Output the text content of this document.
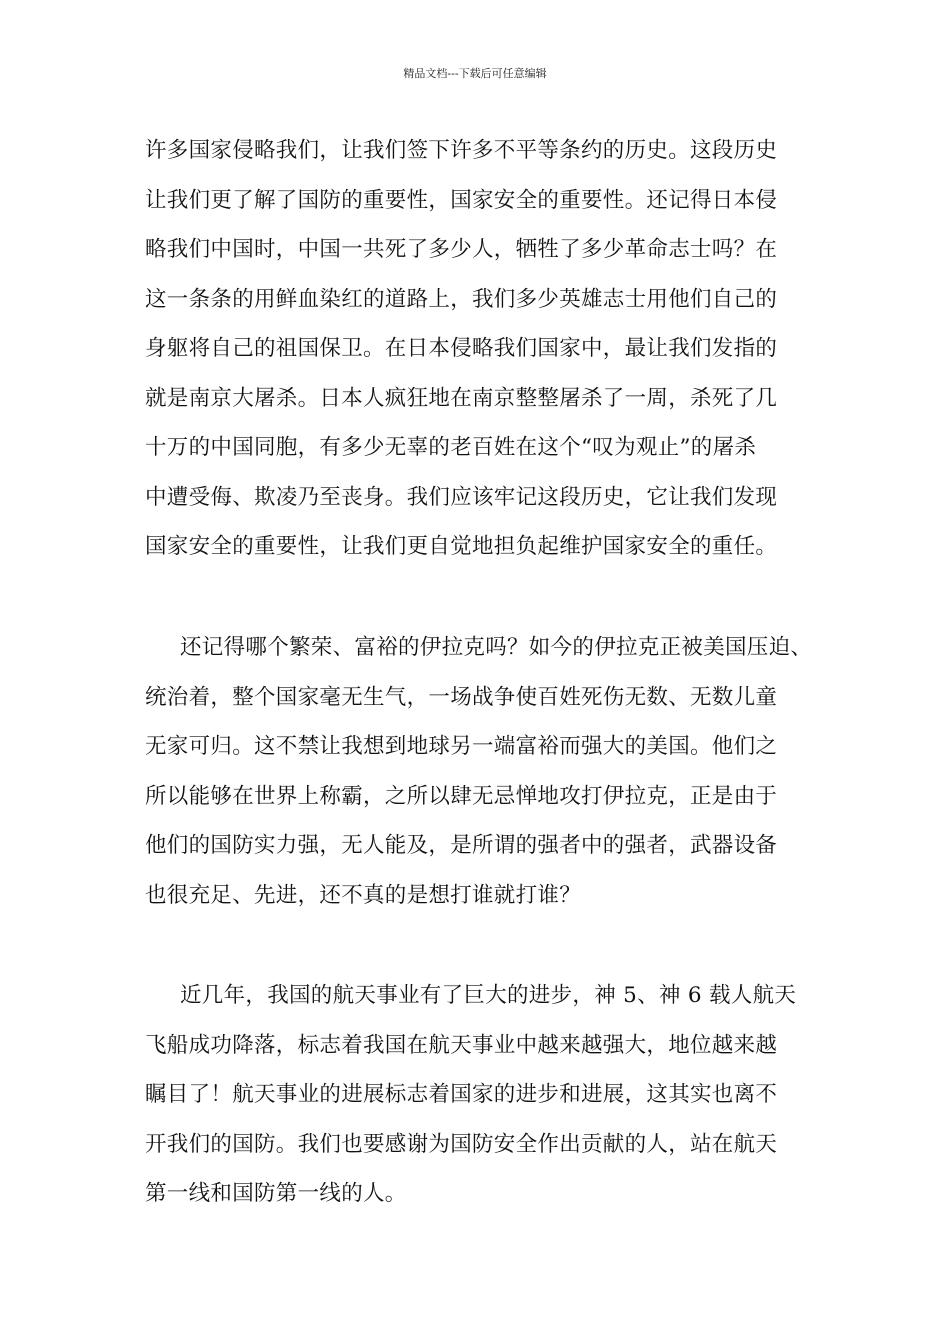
精品文档---下载后可任意编辑
许多国家侵略我们，让我们签下许多不平等条约的历史。这段历史
让我们更了解了国防的重要性，国家安全的重要性。还记得日本侵
略我们中国时，中国一共死了多少人，牺牲了多少革命志士吗？在
这一条条的用鲜血染红的道路上，我们多少英雄志士用他们自己的
身躯将自己的祖国保卫。在日本侵略我们国家中，最让我们发指的
就是南京大屠杀。日本人疯狂地在南京整整屠杀了一周，杀死了几
十万的中国同胞，有多少无辜的老百姓在这个“叹为观止”的屠杀
中遭受侮、欺凌乃至丧身。我们应该牢记这段历史，它让我们发现
国家安全的重要性，让我们更自觉地担负起维护国家安全的重任。
还记得哪个繁荣、富裕的伊拉克吗？如今的伊拉克正被美国压迫、
统治着，整个国家毫无生气，一场战争使百姓死伤无数、无数儿童
无家可归。这不禁让我想到地球另一端富裕而强大的美国。他们之
所以能够在世界上称霸，之所以肆无忌惮地攻打伊拉克，正是由于
他们的国防实力强，无人能及，是所谓的强者中的强者，武器设备
也很充足、先进，还不真的是想打谁就打谁？
近几年，我国的航天事业有了巨大的进步，神 5、神 6 载人航天
飞船成功降落，标志着我国在航天事业中越来越强大，地位越来越
瞩目了！航天事业的进展标志着国家的进步和进展，这其实也离不
开我们的国防。我们也要感谢为国防安全作出贡献的人，站在航天
第一线和国防第一线的人。
